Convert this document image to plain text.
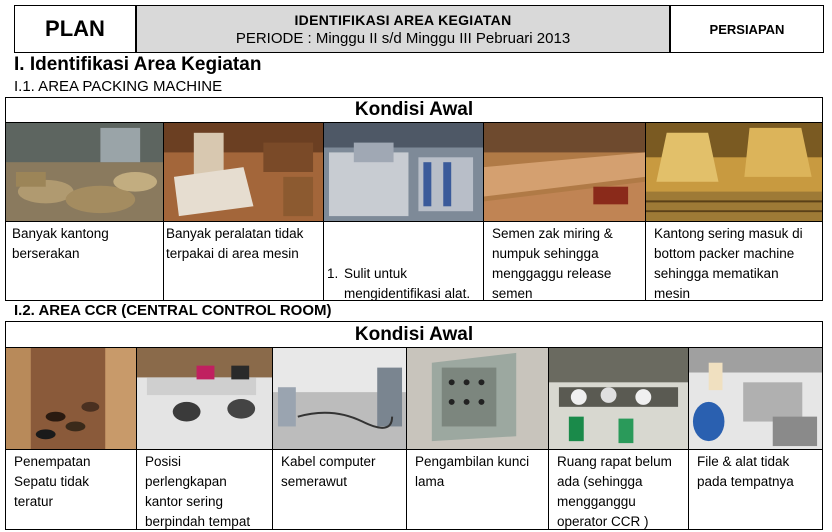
PLAN	IDENTIFIKASI AREA KEGIATAN
PERIODE : Minggu II s/d Minggu III Pebruari 2013
PERSIAPAN
I. Identifikasi Area Kegiatan
I.1. AREA PACKING MACHINE
Kondisi Awal
Banyak kantong berserakan
Banyak peralatan tidak terpakai di area mesin

1. Sulit untuk mengidentifikasi alat.

Semen zak miring & numpuk sehingga menggaggu release semen
Kantong sering masuk di bottom packer machine sehingga mematikan mesin
I.2. AREA CCR (CENTRAL CONTROL ROOM)
Kondisi Awal
Penempatan Sepatu tidak teratur
Posisi perlengkapan kantor sering berpindah tempat
Kabel computer semerawut
Pengambilan kunci lama
Ruang rapat belum ada (sehingga mengganggu operator CCR )
File & alat tidak pada tempatnya
